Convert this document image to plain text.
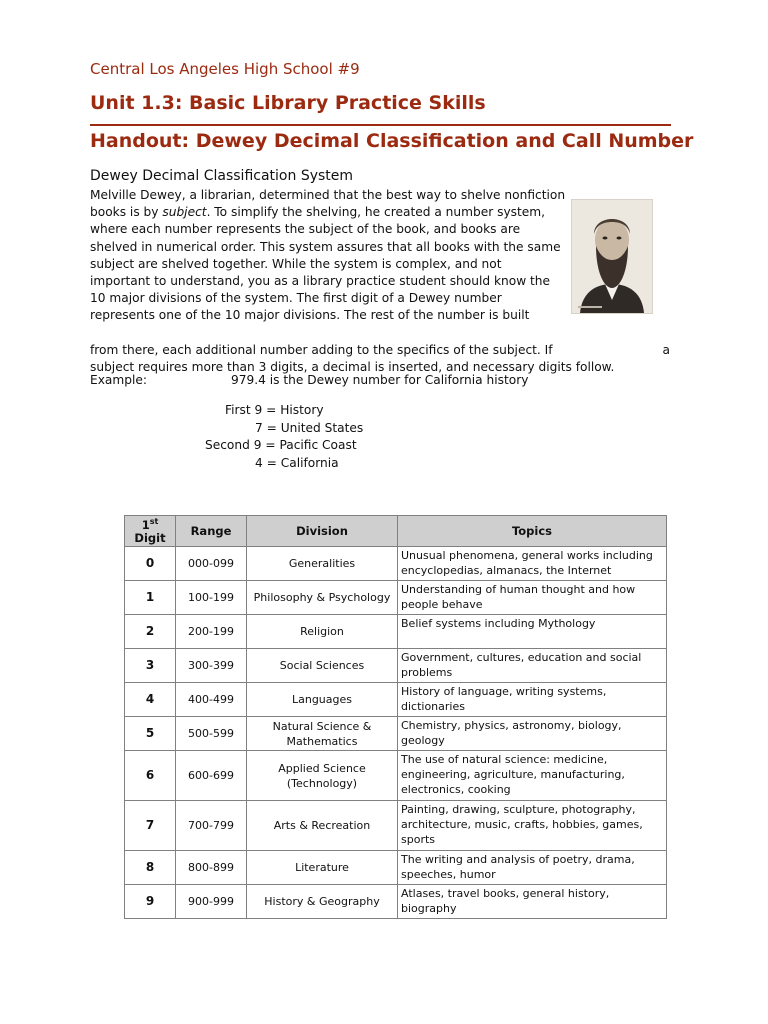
Central Los Angeles High School #9
Unit 1.3: Basic Library Practice Skills
Handout: Dewey Decimal Classification and Call Number
Dewey Decimal Classification System
Melville Dewey, a librarian, determined that the best way to shelve nonfiction
books is by subject. To simplify the shelving, he created a number system,
where each number represents the subject of the book, and books are
shelved in numerical order. This system assures that all books with the same
subject are shelved together. While the system is complex, and not
important to understand, you as a library practice student should know the
10 major divisions of the system. The first digit of a Dewey number
represents one of the 10 major divisions. The rest of the number is built
from there, each additional number adding to the specifics of the subject. If	a
subject requires more than 3 digits, a decimal is inserted, and necessary digits follow.
Example:	979.4 is the Dewey number for California history
First 9 = History
7 = United States
Second 9 = Pacific Coast
4 = California
1st
Digit	Range	Division	Topics
0	000-099	Generalities	Unusual phenomena, general works including encyclopedias, almanacs, the Internet
1	100-199	Philosophy & Psychology	Understanding of human thought and how people behave
2	200-199	Religion	Belief systems including Mythology
3	300-399	Social Sciences	Government, cultures, education and social problems
4	400-499	Languages	History of language, writing systems, dictionaries
5	500-599	Natural Science & Mathematics	Chemistry, physics, astronomy, biology, geology
6	600-699	Applied Science (Technology)	The use of natural science: medicine, engineering, agriculture, manufacturing, electronics, cooking
7	700-799	Arts & Recreation	Painting, drawing, sculpture, photography, architecture, music, crafts, hobbies, games, sports
8	800-899	Literature	The writing and analysis of poetry, drama, speeches, humor
9	900-999	History & Geography	Atlases, travel books, general history, biography
